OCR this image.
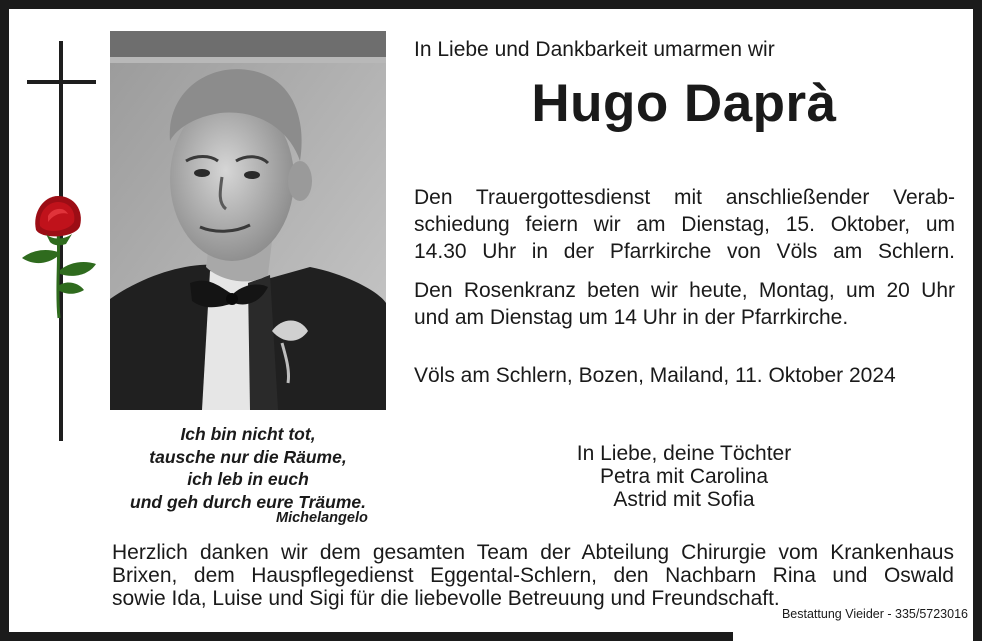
In Liebe und Dankbarkeit umarmen wir
Hugo Daprà

Den Trauergottesdienst mit anschließender Verab-
schiedung feiern wir am Dienstag, 15. Oktober, um
14.30 Uhr in der Pfarrkirche von Völs am Schlern.

Den Rosenkranz beten wir heute, Montag, um 20 Uhr
und am Dienstag um 14 Uhr in der Pfarrkirche.

Völs am Schlern, Bozen, Mailand, 11. Oktober 2024
Ich bin nicht tot,
tausche nur die Räume,
ich leb in euch
und geh durch eure Träume.
Michelangelo
In Liebe, deine Töchter
Petra mit Carolina
Astrid mit Sofia
Herzlich danken wir dem gesamten Team der Abteilung Chirurgie vom Krankenhaus
Brixen, dem Hauspflegedienst Eggental-Schlern, den Nachbarn Rina und Oswald
sowie Ida, Luise und Sigi für die liebevolle Betreuung und Freundschaft.
Bestattung Vieider - 335/5723016
